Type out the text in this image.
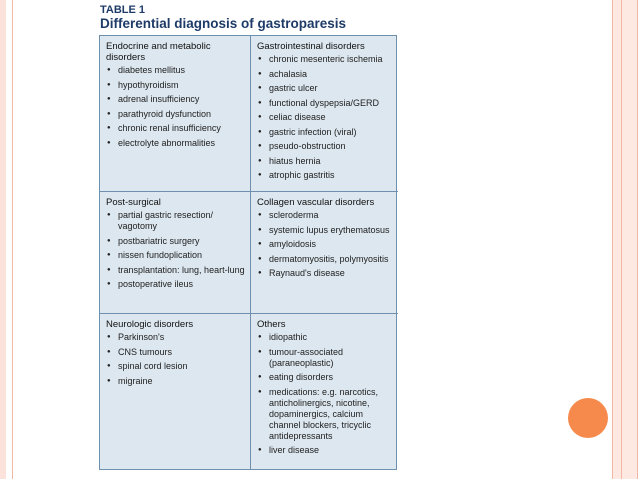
TABLE 1
Differential diagnosis of gastroparesis
Endocrine and metabolic disorders
● diabetes mellitus
● hypothyroidism
● adrenal insufficiency
● parathyroid dysfunction
● chronic renal insufficiency
● electrolyte abnormalities
Gastrointestinal disorders
● chronic mesenteric ischemia
● achalasia
● gastric ulcer
● functional dyspepsia/GERD
● celiac disease
● gastric infection (viral)
● pseudo-obstruction
● hiatus hernia
● atrophic gastritis
Post-surgical
● partial gastric resection/ vagotomy
● postbariatric surgery
● nissen fundoplication
● transplantation: lung, heart-lung
● postoperative ileus
Collagen vascular disorders
● scleroderma
● systemic lupus erythematosus
● amyloidosis
● dermatomyositis, polymyositis
● Raynaud's disease
Neurologic disorders
● Parkinson's
● CNS tumours
● spinal cord lesion
● migraine
Others
● idiopathic
● tumour-associated (paraneoplastic)
● eating disorders
● medications: e.g. narcotics, anticholinergics, nicotine, dopaminergics, calcium channel blockers, tricyclic antidepressants
● liver disease
